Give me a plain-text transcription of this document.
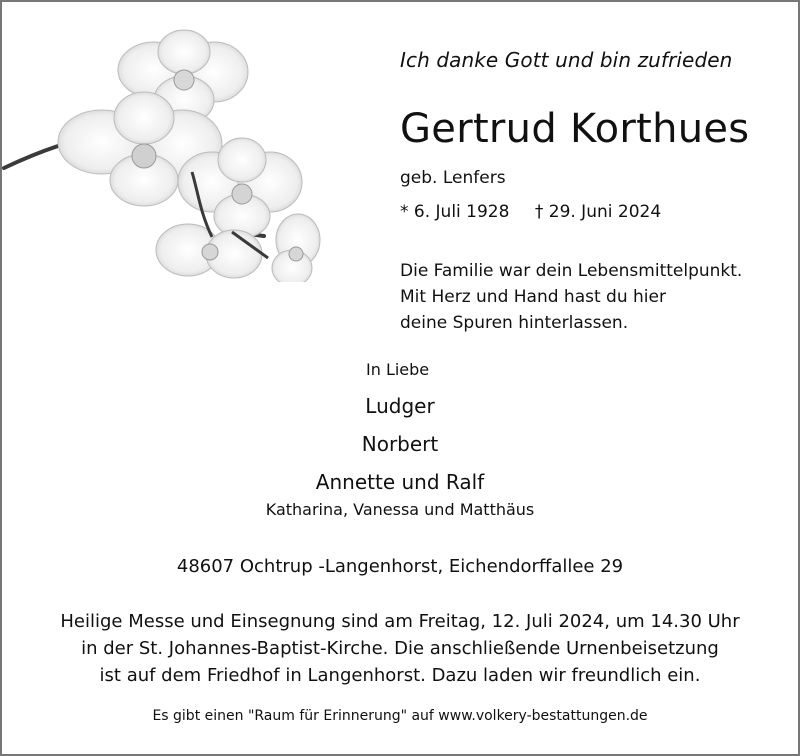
Ich danke Gott und bin zufrieden
Gertrud Korthues
geb. Lenfers
* 6. Juli 1928 † 29. Juni 2024
Die Familie war dein Lebensmittelpunkt.
Mit Herz und Hand hast du hier
deine Spuren hinterlassen.
In Liebe
Ludger
Norbert
Annette und Ralf
Katharina, Vanessa und Matthäus
48607 Ochtrup -Langenhorst, Eichendorffallee 29
Heilige Messe und Einsegnung sind am Freitag, 12. Juli 2024, um 14.30 Uhr
in der St. Johannes-Baptist-Kirche. Die anschließende Urnenbeisetzung
ist auf dem Friedhof in Langenhorst. Dazu laden wir freundlich ein.
Es gibt einen "Raum für Erinnerung" auf www.volkery-bestattungen.de
